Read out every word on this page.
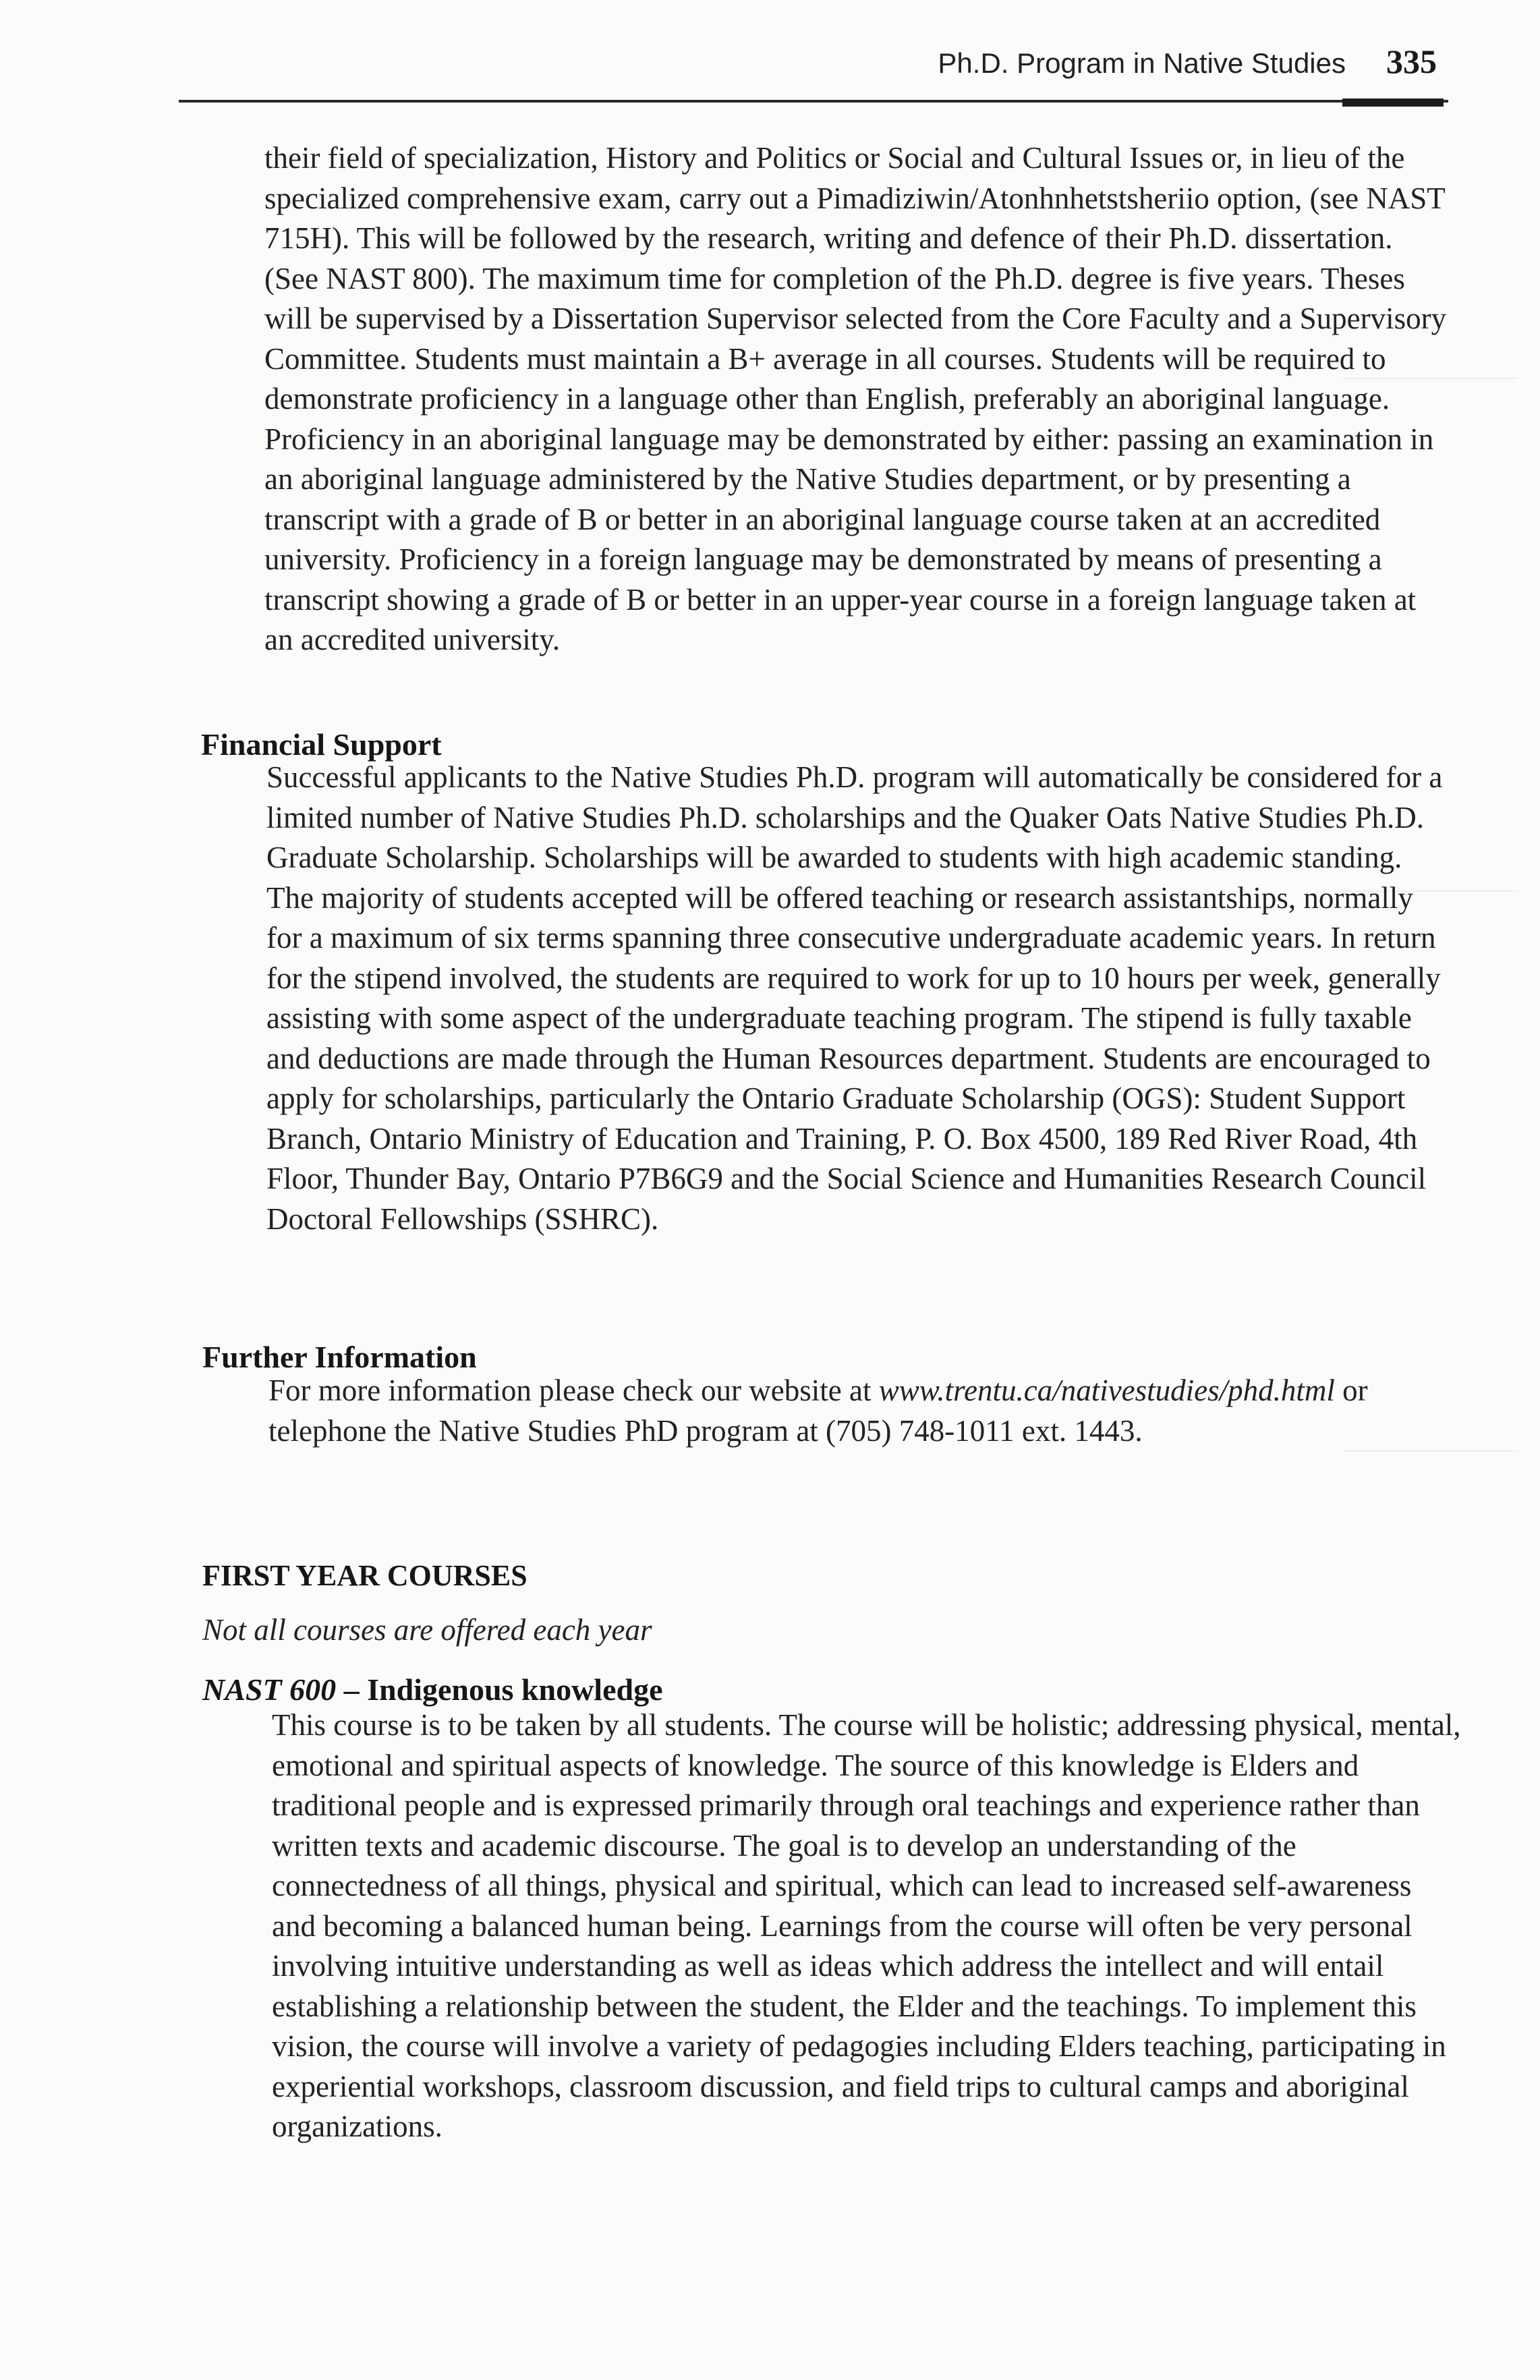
Ph.D. Program in Native Studies 335

their field of specialization, History and Politics or Social and Cultural Issues or, in lieu of the specialized comprehensive exam, carry out a Pimadiziwin/Atonhnhetstsheriio option, (see NAST 715H). This will be followed by the research, writing and defence of their Ph.D. dissertation. (See NAST 800). The maximum time for completion of the Ph.D. degree is five years. Theses will be supervised by a Dissertation Supervisor selected from the Core Faculty and a Supervisory Committee. Students must maintain a B+ average in all courses. Students will be required to demonstrate proficiency in a language other than English, preferably an aboriginal language. Proficiency in an aboriginal language may be demonstrated by either: passing an examination in an aboriginal language administered by the Native Studies department, or by presenting a transcript with a grade of B or better in an aboriginal language course taken at an accredited university. Proficiency in a foreign language may be demonstrated by means of presenting a transcript showing a grade of B or better in an upper-year course in a foreign language taken at an accredited university.

Financial Support

Successful applicants to the Native Studies Ph.D. program will automatically be considered for a limited number of Native Studies Ph.D. scholarships and the Quaker Oats Native Studies Ph.D. Graduate Scholarship. Scholarships will be awarded to students with high academic standing. The majority of students accepted will be offered teaching or research assistantships, normally for a maximum of six terms spanning three consecutive undergraduate academic years. In return for the stipend involved, the students are required to work for up to 10 hours per week, generally assisting with some aspect of the undergraduate teaching program. The stipend is fully taxable and deductions are made through the Human Resources department. Students are encouraged to apply for scholarships, particularly the Ontario Graduate Scholarship (OGS): Student Support Branch, Ontario Ministry of Education and Training, P. O. Box 4500, 189 Red River Road, 4th Floor, Thunder Bay, Ontario P7B6G9 and the Social Science and Humanities Research Council Doctoral Fellowships (SSHRC).

Further Information

For more information please check our website at www.trentu.ca/nativestudies/phd.html or telephone the Native Studies PhD program at (705) 748-1011 ext. 1443.

FIRST YEAR COURSES

Not all courses are offered each year

NAST 600 – Indigenous knowledge

This course is to be taken by all students. The course will be holistic; addressing physical, mental, emotional and spiritual aspects of knowledge. The source of this knowledge is Elders and traditional people and is expressed primarily through oral teachings and experience rather than written texts and academic discourse. The goal is to develop an understanding of the connectedness of all things, physical and spiritual, which can lead to increased self-awareness and becoming a balanced human being. Learnings from the course will often be very personal involving intuitive understanding as well as ideas which address the intellect and will entail establishing a relationship between the student, the Elder and the teachings. To implement this vision, the course will involve a variety of pedagogies including Elders teaching, participating in experiential workshops, classroom discussion, and field trips to cultural camps and aboriginal organizations.
